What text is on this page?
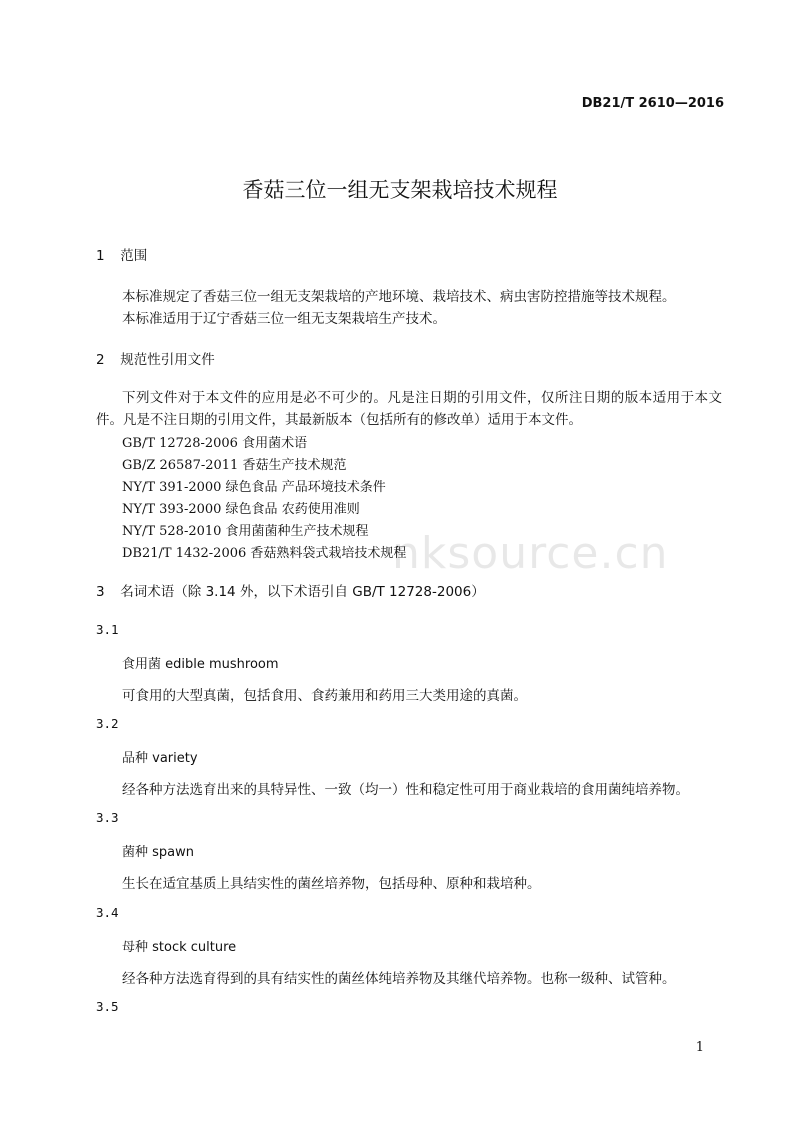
DB21/T 2610—2016
香菇三位一组无支架栽培技术规程
1 范围
本标准规定了香菇三位一组无支架栽培的产地环境、栽培技术、病虫害防控措施等技术规程。
本标准适用于辽宁香菇三位一组无支架栽培生产技术。
2 规范性引用文件
下列文件对于本文件的应用是必不可少的。凡是注日期的引用文件，仅所注日期的版本适用于本文件。凡是不注日期的引用文件，其最新版本（包括所有的修改单）适用于本文件。
GB/T 12728-2006 食用菌术语
GB/Z 26587-2011 香菇生产技术规范
NY/T 391-2000 绿色食品 产品环境技术条件
NY/T 393-2000 绿色食品 农药使用准则
NY/T 528-2010 食用菌菌种生产技术规程
DB21/T 1432-2006 香菇熟料袋式栽培技术规程
nksource.cn
3 名词术语（除 3.14 外，以下术语引自 GB/T 12728-2006）
3.1
食用菌 edible mushroom
可食用的大型真菌，包括食用、食药兼用和药用三大类用途的真菌。
3.2
品种 variety
经各种方法选育出来的具特异性、一致（均一）性和稳定性可用于商业栽培的食用菌纯培养物。
3.3
菌种 spawn
生长在适宜基质上具结实性的菌丝培养物，包括母种、原种和栽培种。
3.4
母种 stock culture
经各种方法选育得到的具有结实性的菌丝体纯培养物及其继代培养物。也称一级种、试管种。
3.5
1
